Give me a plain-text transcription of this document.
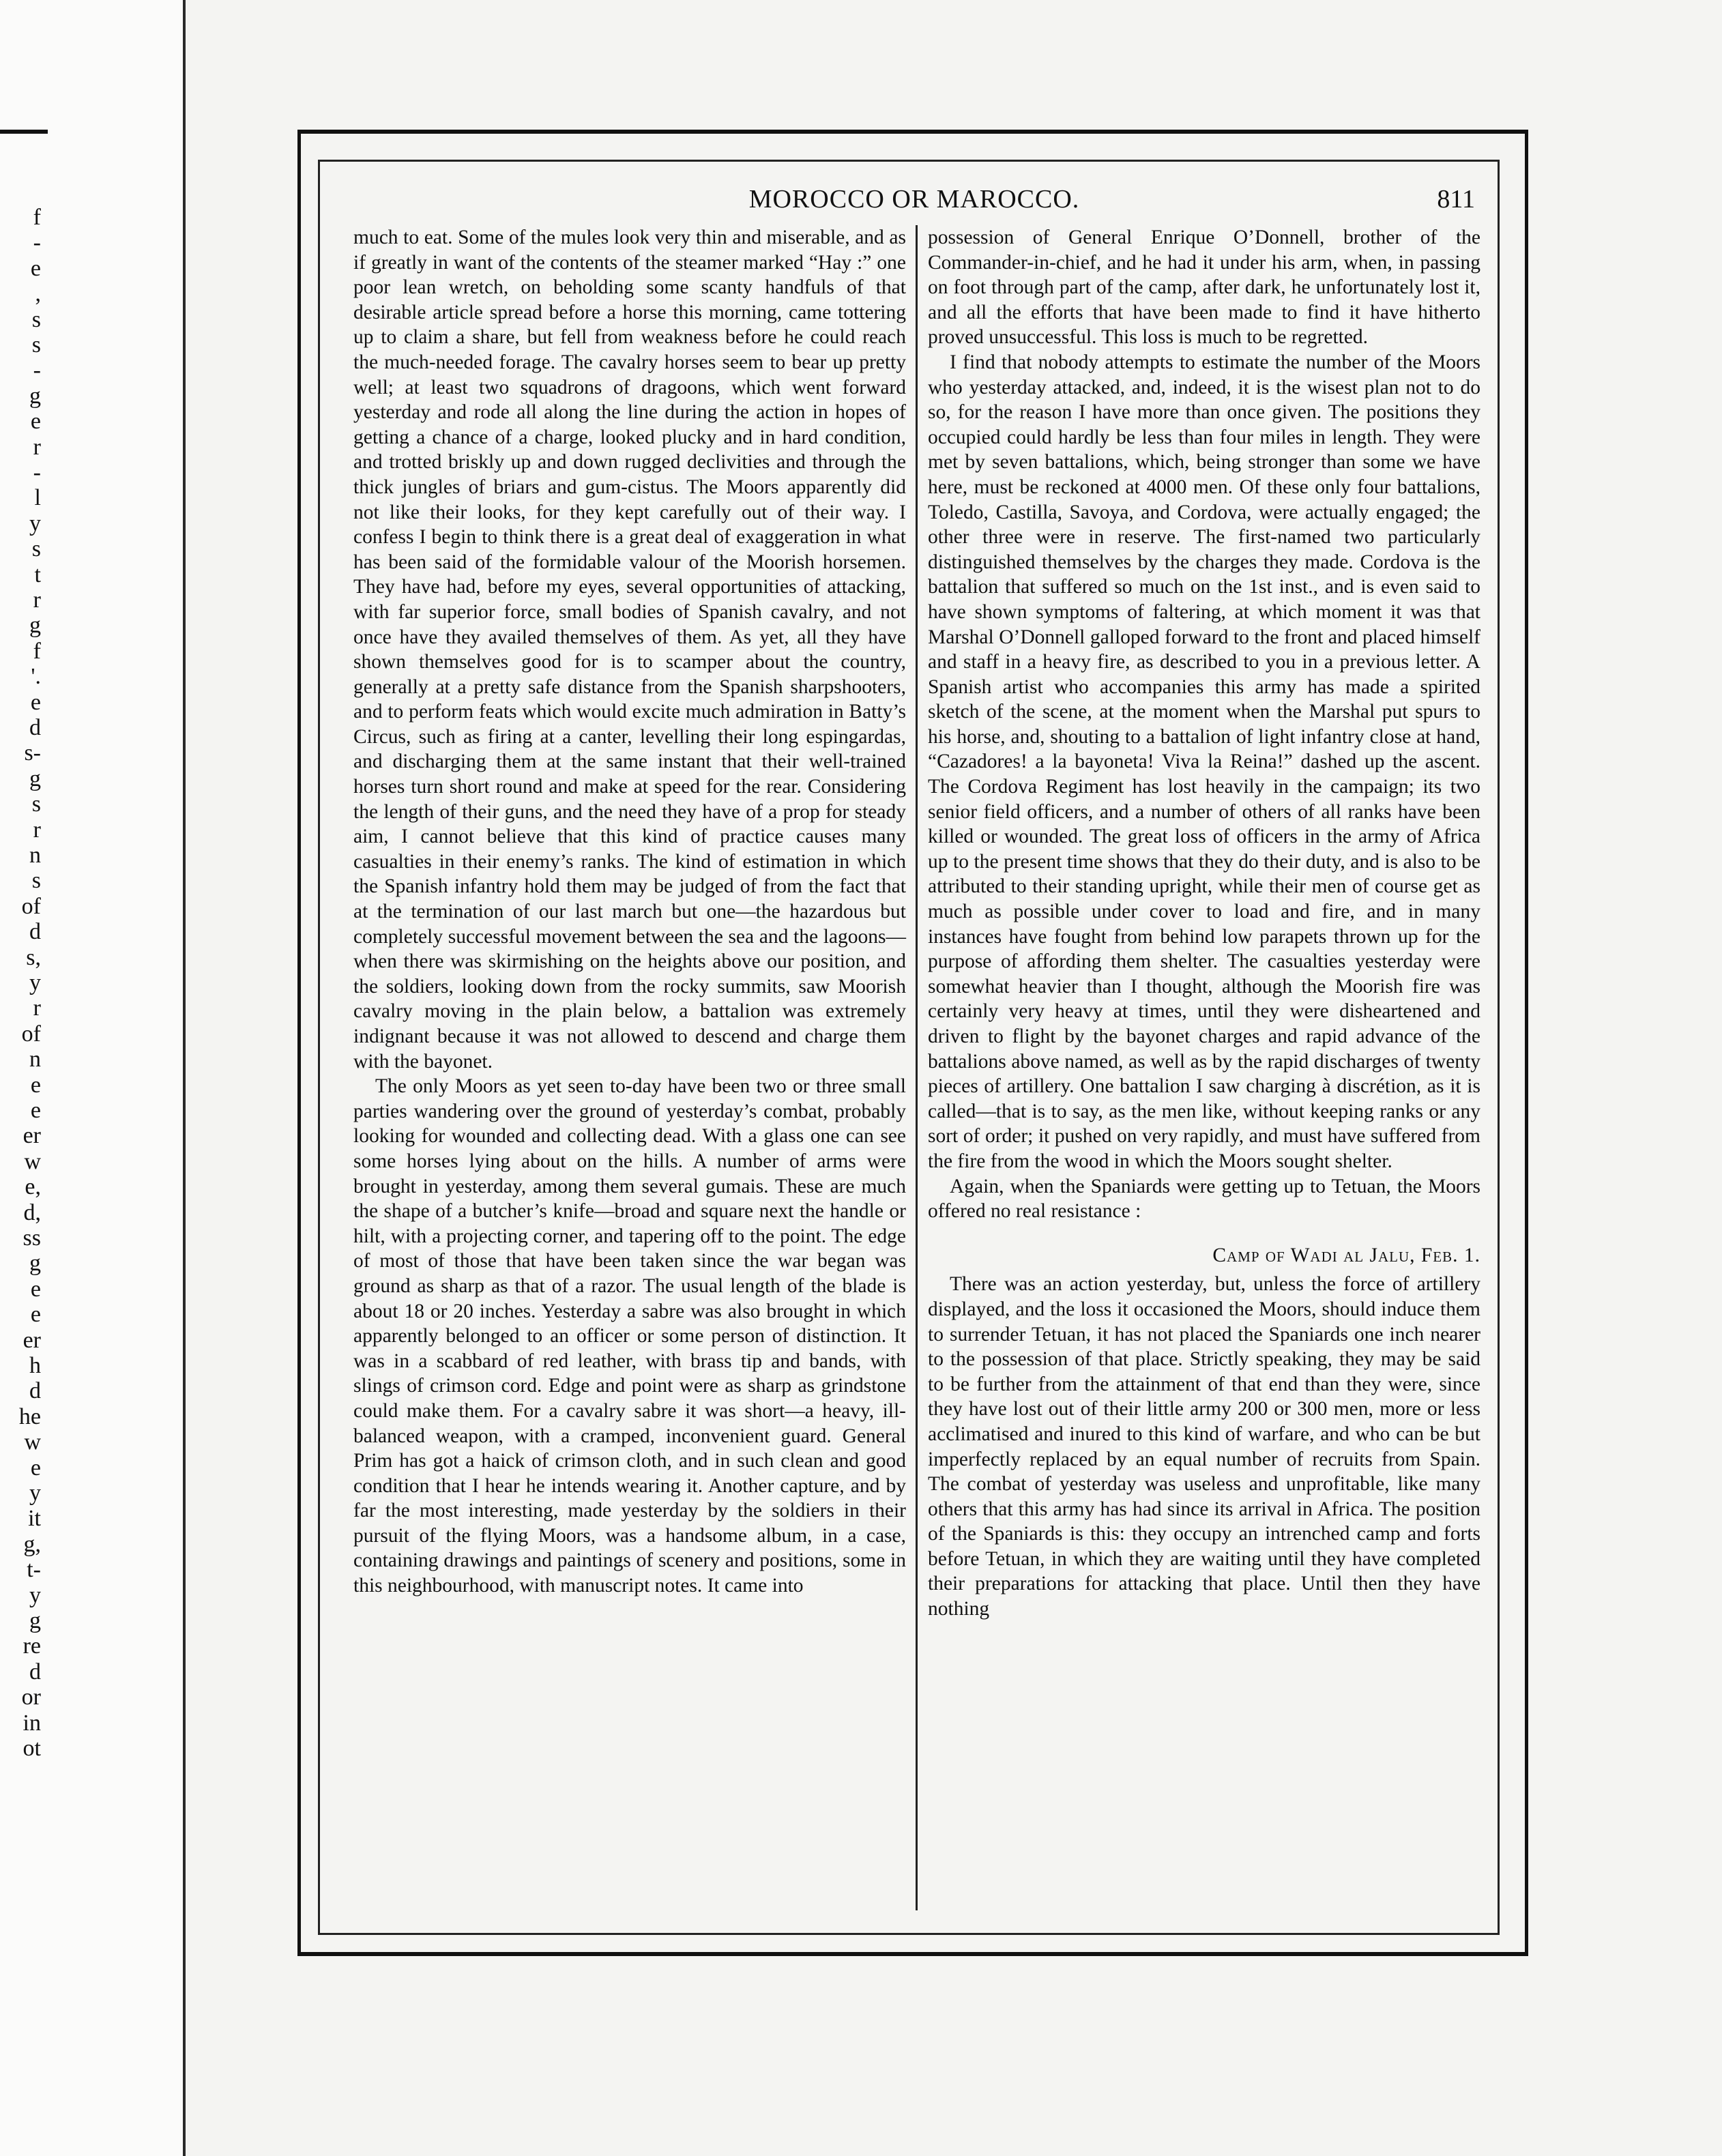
f
-
e
,
s
s
-
g
e
r
-
l
y
s
t
r
g
f
'.
e
d
s-
g
s
r
n
s
of
d
s,
y
r
of
n
e
e
er
w
e,
d,
ss
g
e
e
er
h
d
he
w
e
y
it
g,
t-
y
g
re
d
or
in
ot
MOROCCO OR MAROCCO.	811

much to eat. Some of the mules look very thin and miserable, and as if greatly in want of the contents of the steamer marked “Hay :” one poor lean wretch, on beholding some scanty handfuls of that desirable article spread before a horse this morning, came tottering up to claim a share, but fell from weakness before he could reach the much-needed forage. The cavalry horses seem to bear up pretty well; at least two squadrons of dragoons, which went forward yesterday and rode all along the line during the action in hopes of getting a chance of a charge, looked plucky and in hard condition, and trotted briskly up and down rugged declivities and through the thick jungles of briars and gum-cistus. The Moors apparently did not like their looks, for they kept carefully out of their way. I confess I begin to think there is a great deal of exaggeration in what has been said of the formidable valour of the Moorish horsemen. They have had, before my eyes, several opportunities of attacking, with far superior force, small bodies of Spanish cavalry, and not once have they availed themselves of them. As yet, all they have shown themselves good for is to scamper about the country, generally at a pretty safe distance from the Spanish sharpshooters, and to perform feats which would excite much admiration in Batty’s Circus, such as firing at a canter, levelling their long espingardas, and discharging them at the same instant that their well-trained horses turn short round and make at speed for the rear. Considering the length of their guns, and the need they have of a prop for steady aim, I cannot believe that this kind of practice causes many casualties in their enemy’s ranks. The kind of estimation in which the Spanish infantry hold them may be judged of from the fact that at the termination of our last march but one—the hazardous but completely successful movement between the sea and the lagoons—when there was skirmishing on the heights above our position, and the soldiers, looking down from the rocky summits, saw Moorish cavalry moving in the plain below, a battalion was extremely indignant because it was not allowed to descend and charge them with the bayonet.

The only Moors as yet seen to-day have been two or three small parties wandering over the ground of yesterday’s combat, probably looking for wounded and collecting dead. With a glass one can see some horses lying about on the hills. A number of arms were brought in yesterday, among them several gumais. These are much the shape of a butcher’s knife—broad and square next the handle or hilt, with a projecting corner, and tapering off to the point. The edge of most of those that have been taken since the war began was ground as sharp as that of a razor. The usual length of the blade is about 18 or 20 inches. Yesterday a sabre was also brought in which apparently belonged to an officer or some person of distinction. It was in a scabbard of red leather, with brass tip and bands, with slings of crimson cord. Edge and point were as sharp as grindstone could make them. For a cavalry sabre it was short—a heavy, ill-balanced weapon, with a cramped, inconvenient guard. General Prim has got a haick of crimson cloth, and in such clean and good condition that I hear he intends wearing it. Another capture, and by far the most interesting, made yesterday by the soldiers in their pursuit of the flying Moors, was a handsome album, in a case, containing drawings and paintings of scenery and positions, some in this neighbourhood, with manuscript notes. It came into

possession of General Enrique O’Donnell, brother of the Commander-in-chief, and he had it under his arm, when, in passing on foot through part of the camp, after dark, he unfortunately lost it, and all the efforts that have been made to find it have hitherto proved unsuccessful. This loss is much to be regretted.

I find that nobody attempts to estimate the number of the Moors who yesterday attacked, and, indeed, it is the wisest plan not to do so, for the reason I have more than once given. The positions they occupied could hardly be less than four miles in length. They were met by seven battalions, which, being stronger than some we have here, must be reckoned at 4000 men. Of these only four battalions, Toledo, Castilla, Savoya, and Cordova, were actually engaged; the other three were in reserve. The first-named two particularly distinguished themselves by the charges they made. Cordova is the battalion that suffered so much on the 1st inst., and is even said to have shown symptoms of faltering, at which moment it was that Marshal O’Donnell galloped forward to the front and placed himself and staff in a heavy fire, as described to you in a previous letter. A Spanish artist who accompanies this army has made a spirited sketch of the scene, at the moment when the Marshal put spurs to his horse, and, shouting to a battalion of light infantry close at hand, “Cazadores! a la bayoneta! Viva la Reina!” dashed up the ascent. The Cordova Regiment has lost heavily in the campaign; its two senior field officers, and a number of others of all ranks have been killed or wounded. The great loss of officers in the army of Africa up to the present time shows that they do their duty, and is also to be attributed to their standing upright, while their men of course get as much as possible under cover to load and fire, and in many instances have fought from behind low parapets thrown up for the purpose of affording them shelter. The casualties yesterday were somewhat heavier than I thought, although the Moorish fire was certainly very heavy at times, until they were disheartened and driven to flight by the bayonet charges and rapid advance of the battalions above named, as well as by the rapid discharges of twenty pieces of artillery. One battalion I saw charging à discrétion, as it is called—that is to say, as the men like, without keeping ranks or any sort of order; it pushed on very rapidly, and must have suffered from the fire from the wood in which the Moors sought shelter.

Again, when the Spaniards were getting up to Tetuan, the Moors offered no real resistance :

Camp of Wadi al Jalu, Feb. 1.

There was an action yesterday, but, unless the force of artillery displayed, and the loss it occasioned the Moors, should induce them to surrender Tetuan, it has not placed the Spaniards one inch nearer to the possession of that place. Strictly speaking, they may be said to be further from the attainment of that end than they were, since they have lost out of their little army 200 or 300 men, more or less acclimatised and inured to this kind of warfare, and who can be but imperfectly replaced by an equal number of recruits from Spain. The combat of yesterday was useless and unprofitable, like many others that this army has had since its arrival in Africa. The position of the Spaniards is this: they occupy an intrenched camp and forts before Tetuan, in which they are waiting until they have completed their preparations for attacking that place. Until then they have nothing
